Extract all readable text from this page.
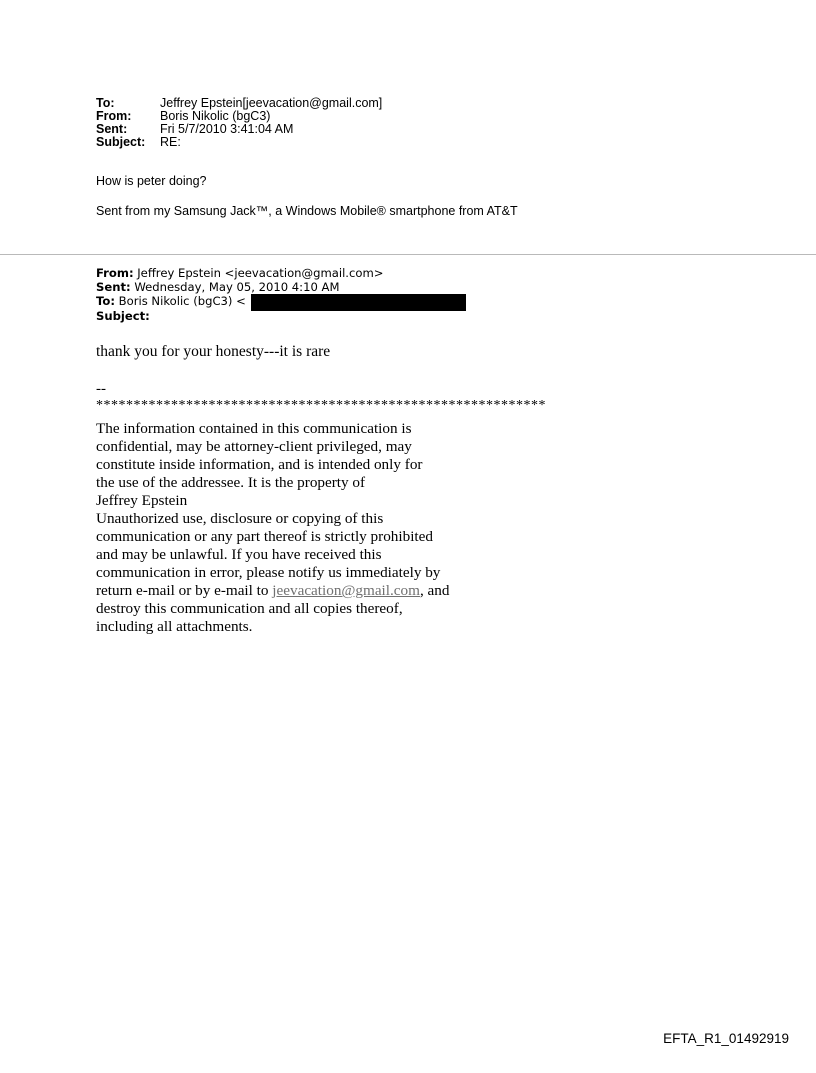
To:	Jeffrey Epstein[jeevacation@gmail.com]
From:	Boris Nikolic (bgC3)
Sent:	Fri 5/7/2010 3:41:04 AM
Subject:	RE:

How is peter doing?

Sent from my Samsung Jack™, a Windows Mobile® smartphone from AT&T

From: Jeffrey Epstein <jeevacation@gmail.com>
Sent: Wednesday, May 05, 2010 4:10 AM
To: Boris Nikolic (bgC3) <
Subject:
thank you for your honesty---it is rare
--
************************************************************
The information contained in this communication is
confidential, may be attorney-client privileged, may
constitute inside information, and is intended only for
the use of the addressee. It is the property of
Jeffrey Epstein
Unauthorized use, disclosure or copying of this
communication or any part thereof is strictly prohibited
and may be unlawful. If you have received this
communication in error, please notify us immediately by
return e-mail or by e-mail to jeevacation@gmail.com, and
destroy this communication and all copies thereof,
including all attachments.
EFTA_R1_01492919
